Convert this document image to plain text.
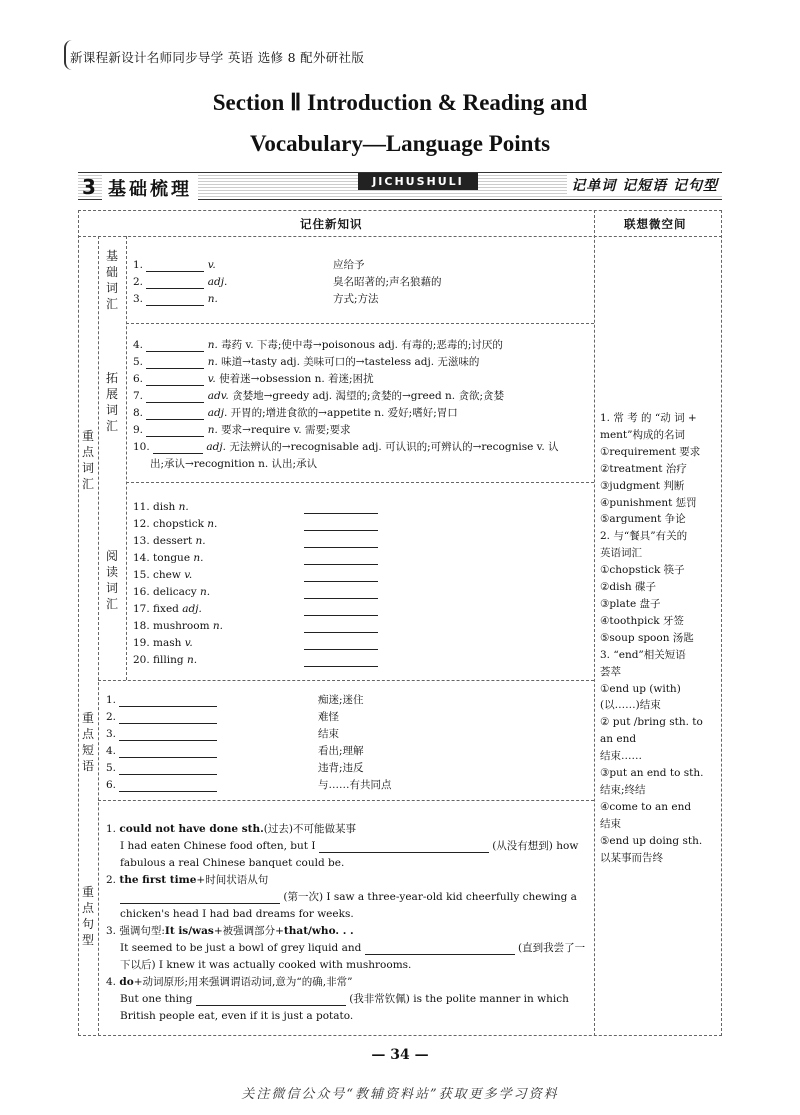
新课程新设计名师同步导学 英语 选修 8 配外研社版
Section Ⅱ Introduction & Reading and
Vocabulary—Language Points
3 基础梳理	JICHUSHULI	记单词 记短语 记句型
记住新知识	联想微空间
重
点
词
汇
基
础
词
汇
拓
展
词
汇
阅
读
词
汇
重
点
短
语
重
点
句
型
1.	v.	应给予
2.	adj.	臭名昭著的;声名狼藉的
3.	n.	方式;方法
4.	n. 毒药 v. 下毒;使中毒→poisonous adj. 有毒的;恶毒的;讨厌的
5.	n. 味道→tasty adj. 美味可口的→tasteless adj. 无滋味的
6.	v. 使着迷→obsession n. 着迷;困扰
7.	adv. 贪婪地→greedy adj. 渴望的;贪婪的→greed n. 贪欲;贪婪
8.	adj. 开胃的;增进食欲的→appetite n. 爱好;嗜好;胃口
9.	n. 要求→require v. 需要;要求
10.	adj. 无法辨认的→recognisable adj. 可认识的;可辨认的→recognise v. 认
出;承认→recognition n. 认出;承认
11. dish n.
12. chopstick n.
13. dessert n.
14. tongue n.
15. chew v.
16. delicacy n.
17. fixed adj.
18. mushroom n.
19. mash v.
20. filling n.
1.	痴迷;迷住
2.	难怪
3.	结束
4.	看出;理解
5.	违背;违反
6.	与……有共同点
1. could not have done sth.(过去)不可能做某事
I had eaten Chinese food often, but I	(从没有想到) how
fabulous a real Chinese banquet could be.
2. the first time+时间状语从句
(第一次) I saw a three-year-old kid cheerfully chewing a
chicken's head I had bad dreams for weeks.
3. 强调句型:It is/was+被强调部分+that/who. . .
It seemed to be just a bowl of grey liquid and	(直到我尝了一
下以后) I knew it was actually cooked with mushrooms.
4. do+动词原形;用来强调谓语动词,意为“的确,非常”
But one thing	(我非常钦佩) is the polite manner in which
British people eat, even if it is just a potato.
1. 常 考 的 “动 词 +
ment”构成的名词
①requirement 要求
②treatment 治疗
③judgment 判断
④punishment 惩罚
⑤argument 争论
2. 与“餐具”有关的
英语词汇
①chopstick 筷子
②dish 碟子
③plate 盘子
④toothpick 牙签
⑤soup spoon 汤匙
3. “end”相关短语
荟萃
①end up (with)
(以……)结束
② put /bring sth. to
an end
结束……
③put an end to sth.
结束;终结
④come to an end
结束
⑤end up doing sth.
以某事而告终
— 34 —
关注微信公众号“教辅资料站”获取更多学习资料
